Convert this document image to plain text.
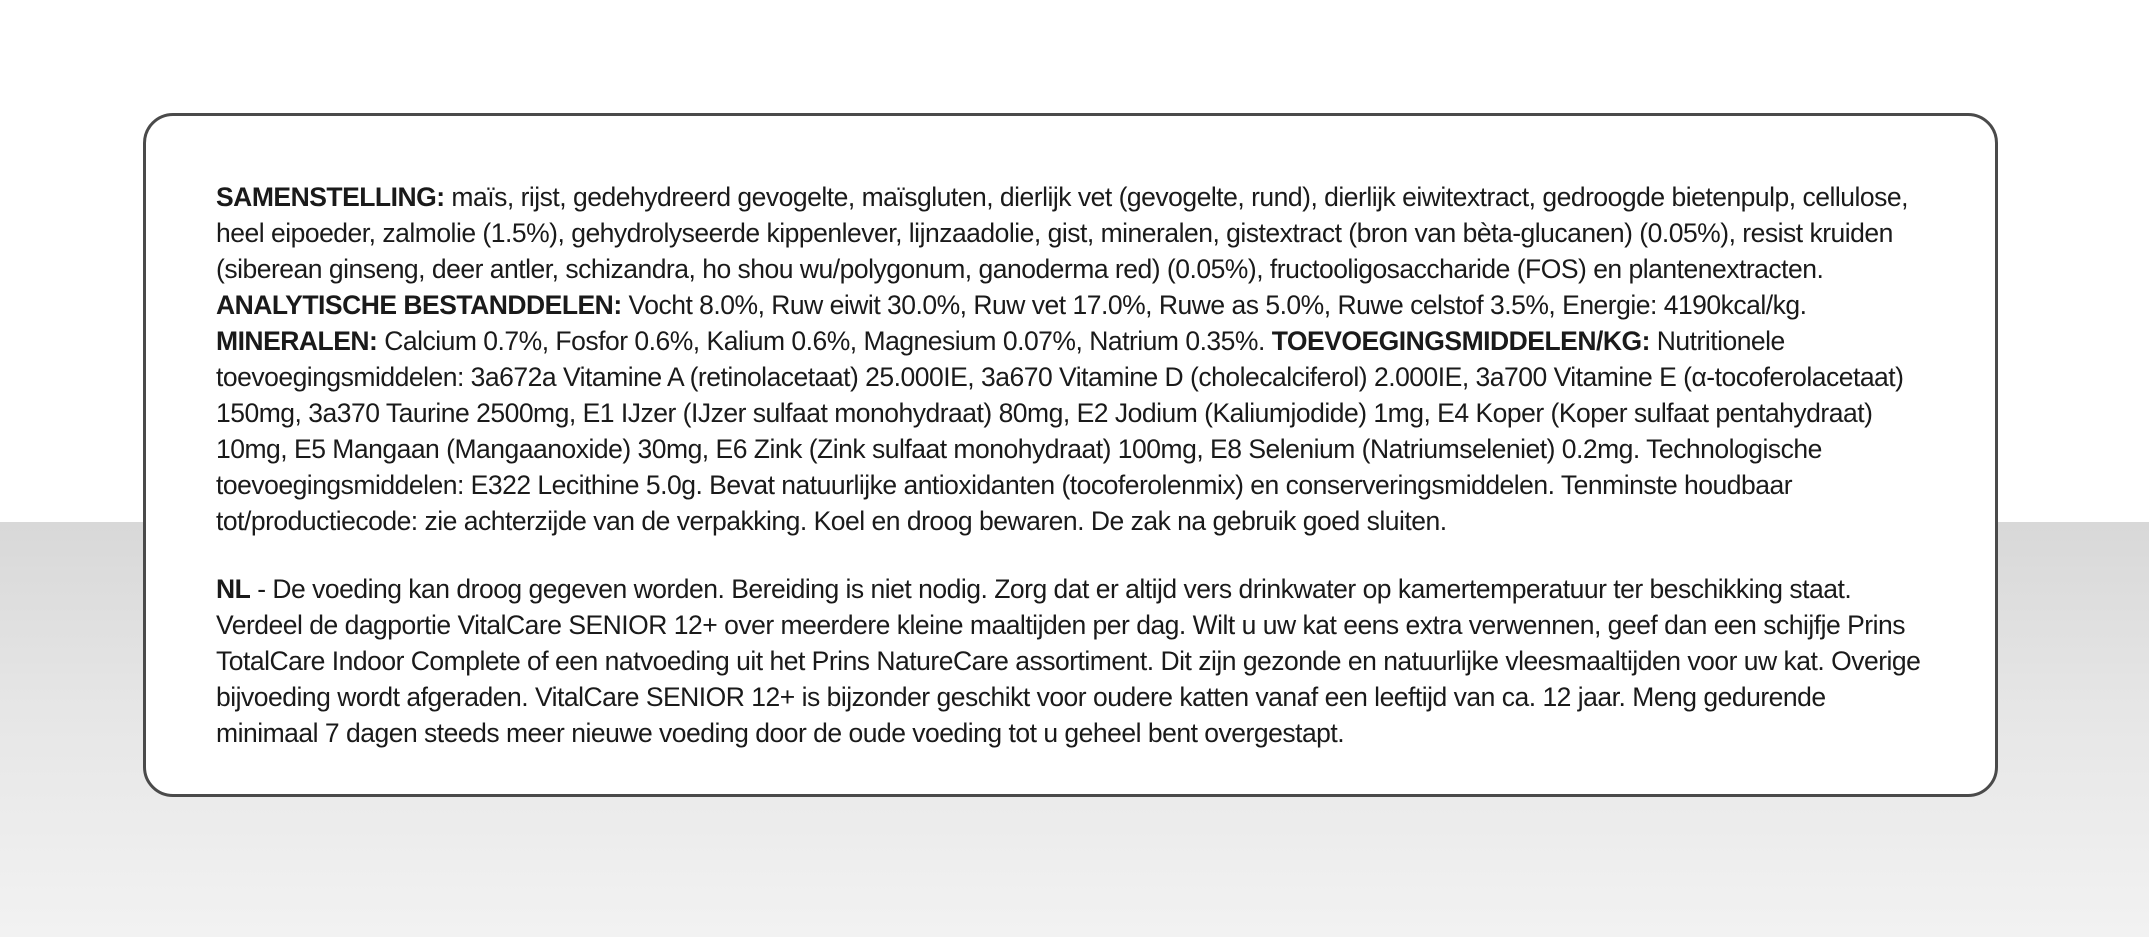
SAMENSTELLING: maïs, rijst, gedehydreerd gevogelte, maïsgluten, dierlijk vet (gevogelte, rund), dierlijk eiwitextract, gedroogde bietenpulp, cellulose, heel eipoeder, zalmolie (1.5%), gehydrolyseerde kippenlever, lijnzaadolie, gist, mineralen, gistextract (bron van bèta-glucanen) (0.05%), resist kruiden (siberean ginseng, deer antler, schizandra, ho shou wu/polygonum, ganoderma red) (0.05%), fructooligosaccharide (FOS) en plantenextracten.
ANALYTISCHE BESTANDDELEN: Vocht 8.0%, Ruw eiwit 30.0%, Ruw vet 17.0%, Ruwe as 5.0%, Ruwe celstof 3.5%, Energie: 4190kcal/kg.
MINERALEN: Calcium 0.7%, Fosfor 0.6%, Kalium 0.6%, Magnesium 0.07%, Natrium 0.35%. TOEVOEGINGSMIDDELEN/KG: Nutritionele toevoegingsmiddelen: 3a672a Vitamine A (retinolacetaat) 25.000IE, 3a670 Vitamine D (cholecalciferol) 2.000IE, 3a700 Vitamine E (α-tocoferolacetaat) 150mg, 3a370 Taurine 2500mg, E1 IJzer (IJzer sulfaat monohydraat) 80mg, E2 Jodium (Kaliumjodide) 1mg, E4 Koper (Koper sulfaat pentahydraat) 10mg, E5 Mangaan (Mangaanoxide) 30mg, E6 Zink (Zink sulfaat monohydraat) 100mg, E8 Selenium (Natriumseleniet) 0.2mg. Technologische toevoegingsmiddelen: E322 Lecithine 5.0g. Bevat natuurlijke antioxidanten (tocoferolenmix) en conserveringsmiddelen. Tenminste houdbaar tot/productiecode: zie achterzijde van de verpakking. Koel en droog bewaren. De zak na gebruik goed sluiten.

NL - De voeding kan droog gegeven worden. Bereiding is niet nodig. Zorg dat er altijd vers drinkwater op kamertemperatuur ter beschikking staat. Verdeel de dagportie VitalCare SENIOR 12+ over meerdere kleine maaltijden per dag. Wilt u uw kat eens extra verwennen, geef dan een schijfje Prins TotalCare Indoor Complete of een natvoeding uit het Prins NatureCare assortiment. Dit zijn gezonde en natuurlijke vleesmaaltijden voor uw kat. Overige bijvoeding wordt afgeraden. VitalCare SENIOR 12+ is bijzonder geschikt voor oudere katten vanaf een leeftijd van ca. 12 jaar. Meng gedurende minimaal 7 dagen steeds meer nieuwe voeding door de oude voeding tot u geheel bent overgestapt.
